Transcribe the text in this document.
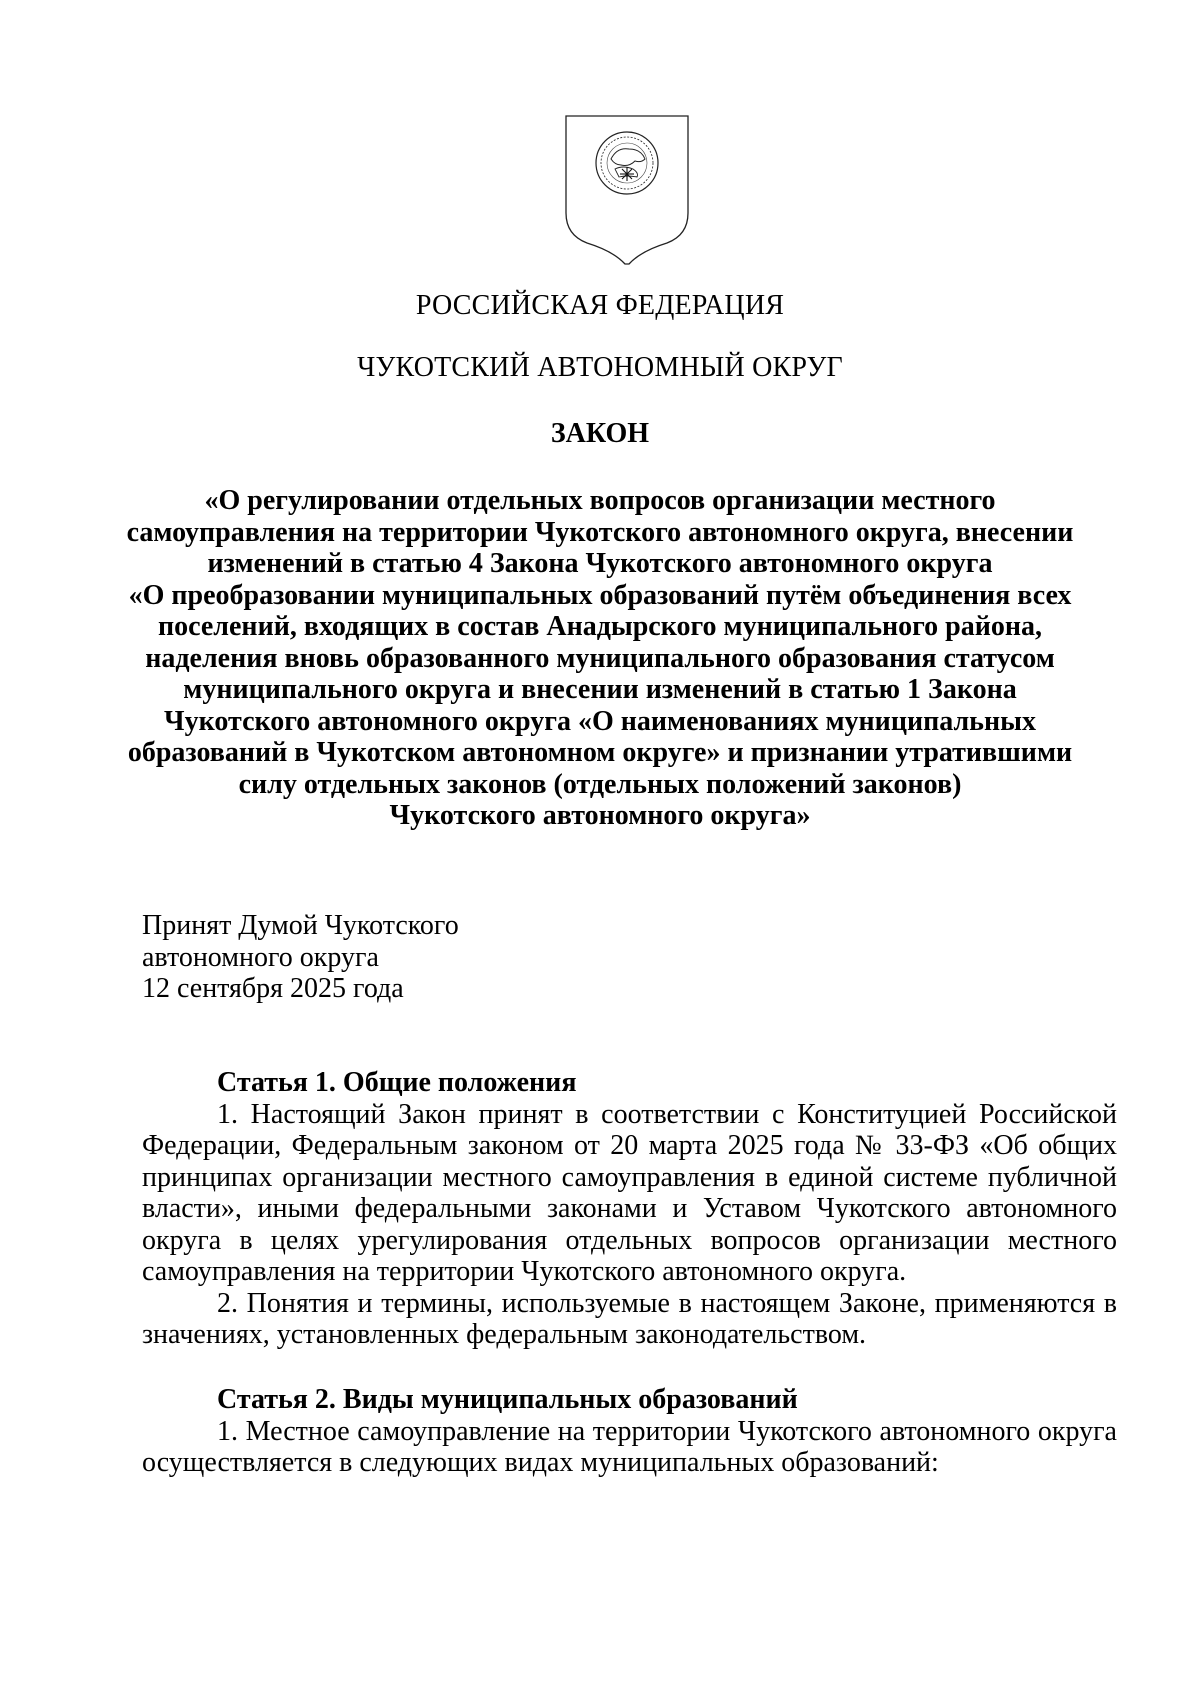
РОССИЙСКАЯ ФЕДЕРАЦИЯ
ЧУКОТСКИЙ АВТОНОМНЫЙ ОКРУГ
ЗАКОН
«О регулировании отдельных вопросов организации местного
самоуправления на территории Чукотского автономного округа, внесении
изменений в статью 4 Закона Чукотского автономного округа
«О преобразовании муниципальных образований путём объединения всех
поселений, входящих в состав Анадырского муниципального района,
наделения вновь образованного муниципального образования статусом
муниципального округа и внесении изменений в статью 1 Закона
Чукотского автономного округа «О наименованиях муниципальных
образований в Чукотском автономном округе» и признании утратившими
силу отдельных законов (отдельных положений законов)
Чукотского автономного округа»
Принят Думой Чукотского
автономного округа
12 сентября 2025 года
Статья 1. Общие положения

1. Настоящий Закон принят в соответствии с Конституцией Российской Федерации, Федеральным законом от 20 марта 2025 года № 33-ФЗ «Об общих принципах организации местного самоуправления в единой системе публичной власти», иными федеральными законами и Уставом Чукотского автономного округа в целях урегулирования отдельных вопросов организации местного самоуправления на территории Чукотского автономного округа.

2. Понятия и термины, используемые в настоящем Законе, применяются в значениях, установленных федеральным законодательством.

Статья 2. Виды муниципальных образований

1. Местное самоуправление на территории Чукотского автономного округа осуществляется в следующих видах муниципальных образований:
